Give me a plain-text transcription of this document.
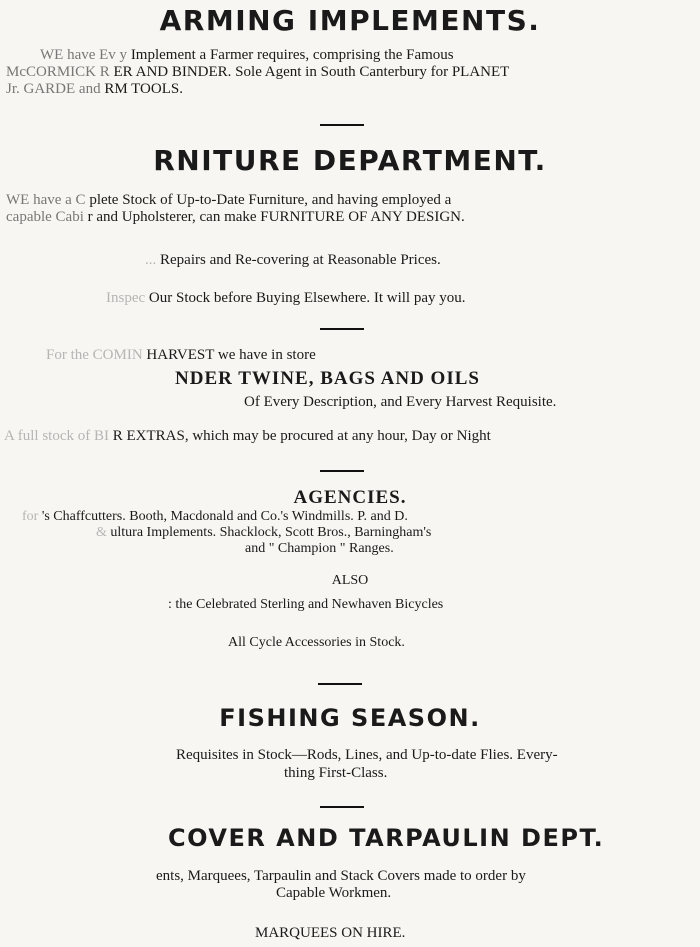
ARMING IMPLEMENTS.
WE have Ev y Implement a Farmer requires, comprising the Famous
McCORMICK R ER AND BINDER. Sole Agent in South Canterbury for PLANET
Jr. GARDE and RM TOOLS.
RNITURE DEPARTMENT.
WE have a C plete Stock of Up-to-Date Furniture, and having employed a
capable Cabi r and Upholsterer, can make FURNITURE OF ANY DESIGN.
... Repairs and Re-covering at Reasonable Prices.
Inspec Our Stock before Buying Elsewhere. It will pay you.
For the COMIN HARVEST we have in store
NDER TWINE, BAGS AND OILS
Of Every Description, and Every Harvest Requisite.
A full stock of BI R EXTRAS, which may be procured at any hour, Day or Night
AGENCIES.
for 's Chaffcutters. Booth, Macdonald and Co.'s Windmills. P. and D.
& ultura Implements. Shacklock, Scott Bros., Barningham's
and " Champion " Ranges.
ALSO
: the Celebrated Sterling and Newhaven Bicycles
All Cycle Accessories in Stock.
FISHING SEASON.
Requisites in Stock—Rods, Lines, and Up-to-date Flies. Every-
thing First-Class.
COVER AND TARPAULIN DEPT.
ents, Marquees, Tarpaulin and Stack Covers made to order by
Capable Workmen.
MARQUEES ON HIRE.
